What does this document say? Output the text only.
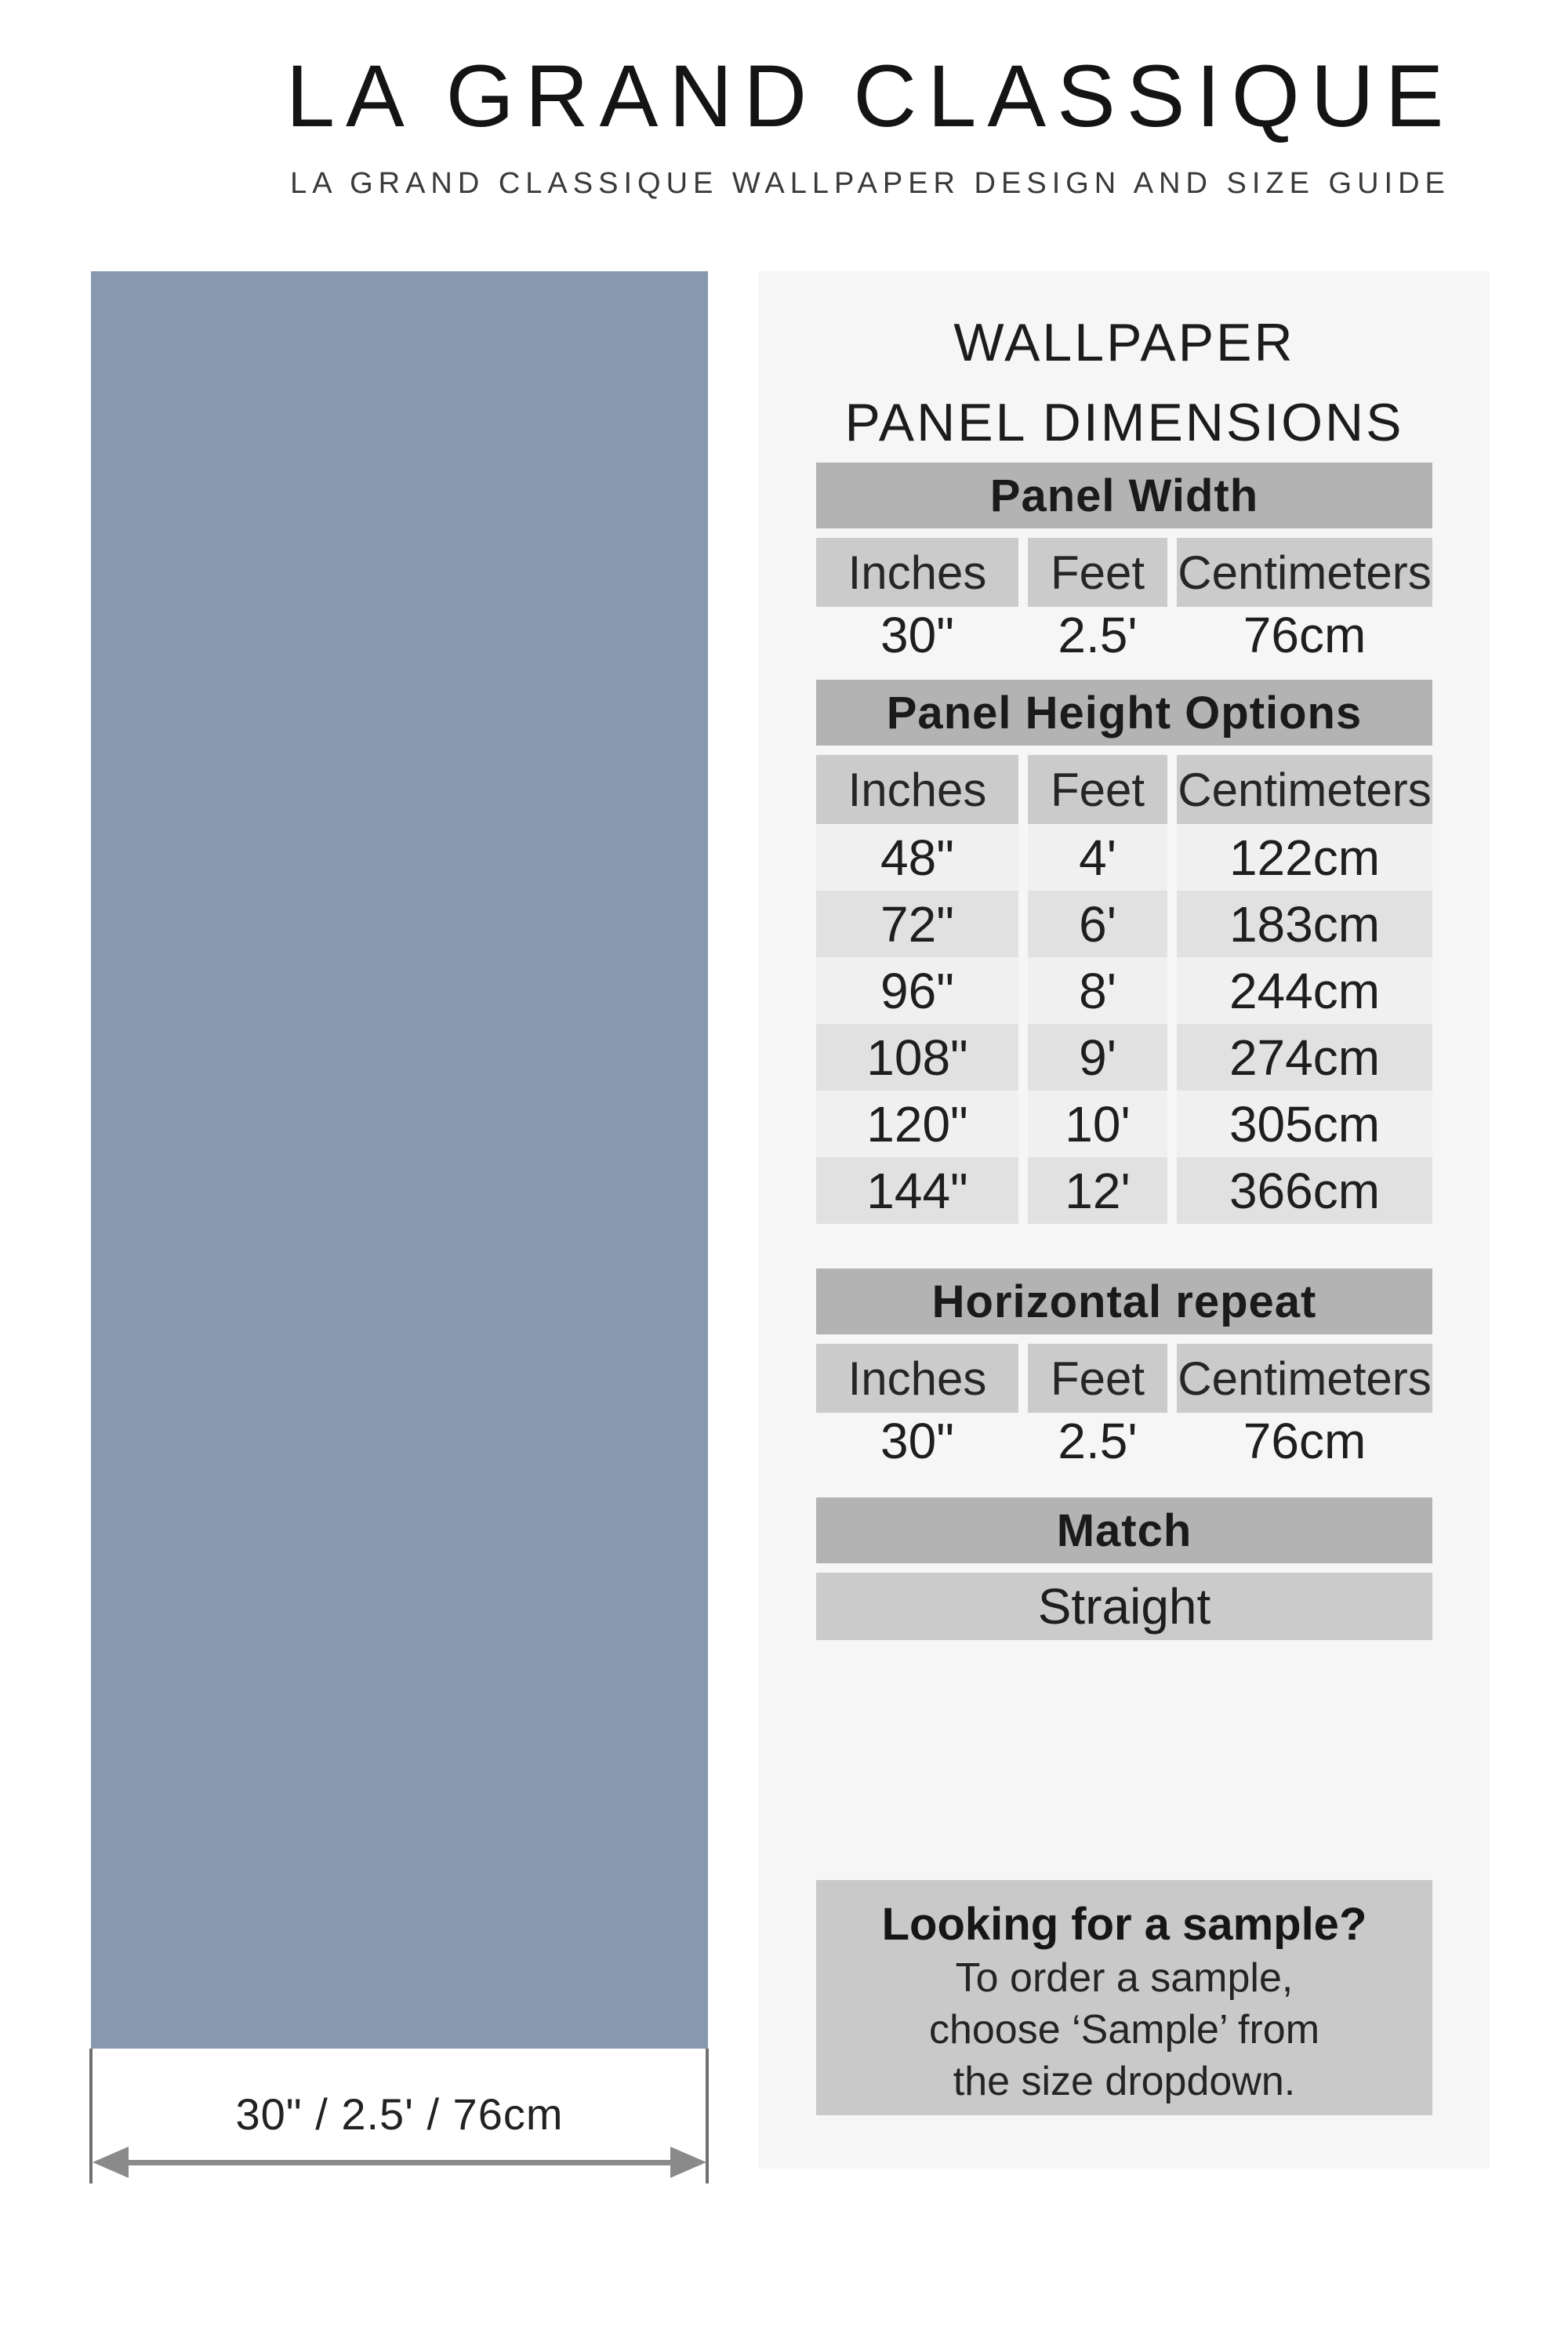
LA GRAND CLASSIQUE
LA GRAND CLASSIQUE WALLPAPER DESIGN AND SIZE GUIDE
30" / 2.5' / 76cm
WALLPAPER
PANEL DIMENSIONS
Panel Width
Inches	Feet Centimeters
30"	2.5'	76cm
Panel Height Options
Inches	Feet Centimeters
48"	4'	122cm
72"	6'	183cm
96"	8'	244cm
108"	9'	274cm
120"	10'	305cm
144"	12'	366cm
Horizontal repeat
Inches	Feet Centimeters
30"	2.5'	76cm
Match
Straight
Looking for a sample?
To order a sample,
choose ‘Sample’ from
the size dropdown.
